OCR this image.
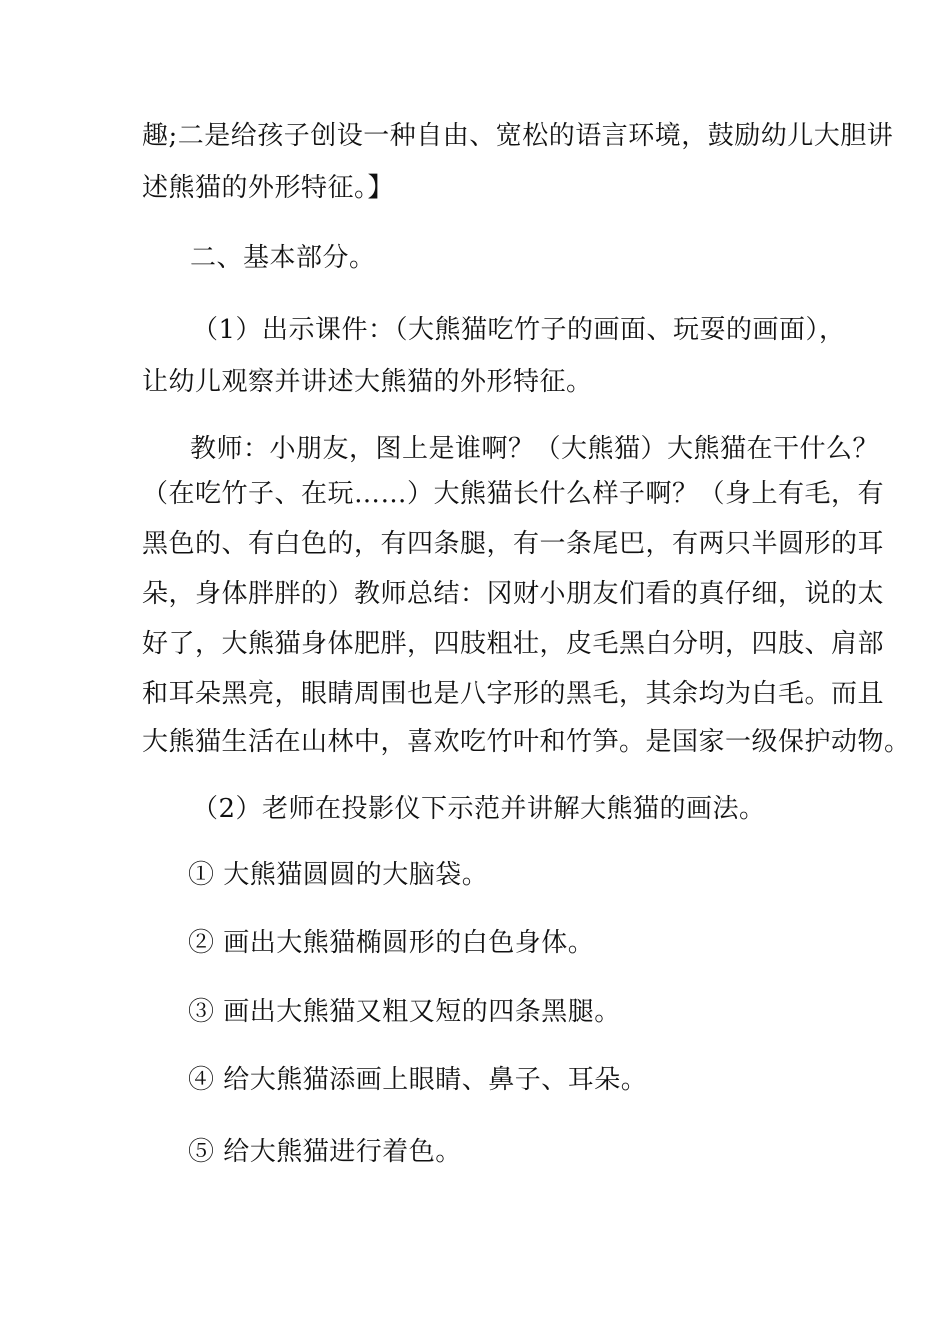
趣;二是给孩子创设一种自由、宽松的语言环境，鼓励幼儿大胆讲
述熊猫的外形特征。】
二、基本部分。
（1）出示课件：（大熊猫吃竹子的画面、玩耍的画面），
让幼儿观察并讲述大熊猫的外形特征。
教师：小朋友，图上是谁啊？（大熊猫）大熊猫在干什么？
（在吃竹子、在玩……）大熊猫长什么样子啊？（身上有毛，有
黑色的、有白色的，有四条腿，有一条尾巴，有两只半圆形的耳
朵，身体胖胖的）教师总结：冈财小朋友们看的真仔细，说的太
好了，大熊猫身体肥胖，四肢粗壮，皮毛黑白分明，四肢、肩部
和耳朵黑亮，眼睛周围也是八字形的黑毛，其余均为白毛。而且
大熊猫生活在山林中，喜欢吃竹叶和竹笋。是国家一级保护动物。
（2）老师在投影仪下示范并讲解大熊猫的画法。
① 大熊猫圆圆的大脑袋。
② 画出大熊猫椭圆形的白色身体。
③ 画出大熊猫又粗又短的四条黑腿。
④ 给大熊猫添画上眼睛、鼻子、耳朵。
⑤ 给大熊猫进行着色。
